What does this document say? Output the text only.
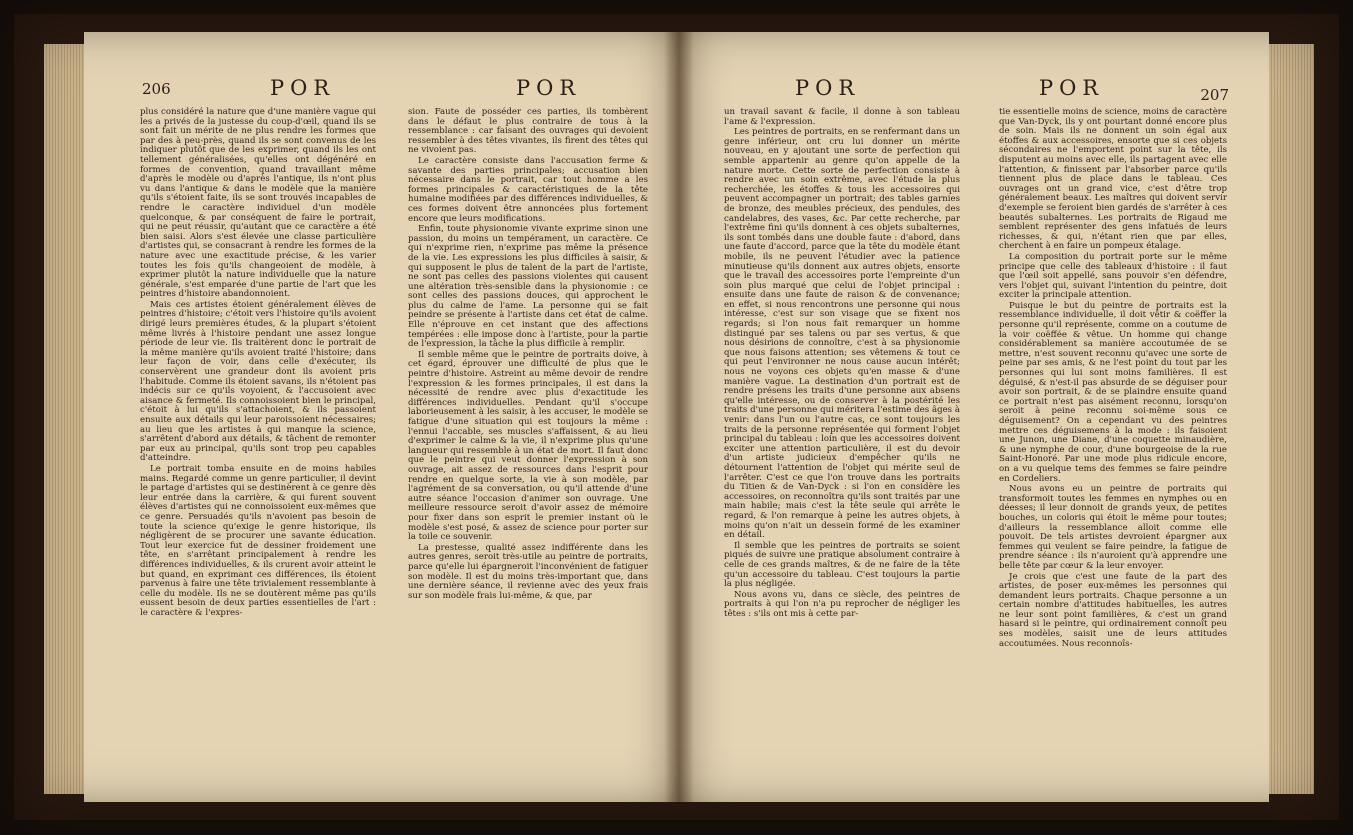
206	POR	POR

plus considéré la nature que d'une manière vague qui les a privés de la justesse du coup-d'œil, quand ils se sont fait un mérite de ne plus rendre les formes que par des à peu-près, quand ils se sont convenus de les indiquer plutôt que de les exprimer, quand ils les ont tellement généralisées, qu'elles ont dégénéré en formes de convention, quand travaillant même d'après le modèle ou d'après l'antique, ils n'ont plus vu dans l'antique & dans le modèle que la manière qu'ils s'étoient faite, ils se sont trouvés incapables de rendre le caractère individuel d'un modèle quelconque, & par conséquent de faire le portrait, qui ne peut réussir, qu'autant que ce caractère a été bien saisi. Alors s'est élevée une classe particulière d'artistes qui, se consacrant à rendre les formes de la nature avec une exactitude précise, & les varier toutes les fois qu'ils changeoient de modèle, à exprimer plutôt la nature individuelle que la nature générale, s'est emparée d'une partie de l'art que les peintres d'histoire abandonnoient.

Mais ces artistes étoient généralement élèves de peintres d'histoire; c'étoit vers l'histoire qu'ils avoient dirigé leurs premières études, & la plupart s'étoient même livrés à l'histoire pendant une assez longue période de leur vie. Ils traitèrent donc le portrait de la même manière qu'ils avoient traité l'histoire; dans leur façon de voir, dans celle d'exécuter, ils conservèrent une grandeur dont ils avoient pris l'habitude. Comme ils étoient savans, ils n'étoient pas indécis sur ce qu'ils voyoient, & l'accusoient avec aisance & fermeté. Ils connoissoient bien le principal, c'étoit à lui qu'ils s'attachoient, & ils passoient ensuite aux détails qui leur paroissoient nécessaires; au lieu que les artistes à qui manque la science, s'arrêtent d'abord aux détails, & tâchent de remonter par eux au principal, qu'ils sont trop peu capables d'atteindre.

Le portrait tomba ensuite en de moins habiles mains. Regardé comme un genre particulier, il devint le partage d'artistes qui se destinèrent à ce genre dès leur entrée dans la carrière, & qui furent souvent élèves d'artistes qui ne connoissoient eux-mêmes que ce genre. Persuadés qu'ils n'avoient pas besoin de toute la science qu'exige le genre historique, ils négligèrent de se procurer une savante éducation. Tout leur exercice fut de dessiner froidement une tête, en s'arrêtant principalement à rendre les différences individuelles, & ils crurent avoir atteint le but quand, en exprimant ces différences, ils étoient parvenus à faire une tête trivialement ressemblante à celle du modèle. Ils ne se doutèrent même pas qu'ils eussent besoin de deux parties essentielles de l'art : le caractère & l'expres-

sion. Faute de posséder ces parties, ils tombèrent dans le défaut le plus contraire de tous à la ressemblance : car faisant des ouvrages qui devoient ressembler à des têtes vivantes, ils firent des têtes qui ne vivoient pas.

Le caractère consiste dans l'accusation ferme & savante des parties principales; accusation bien nécessaire dans le portrait, car tout homme a les formes principales & caractéristiques de la tête humaine modifiées par des différences individuelles, & ces formes doivent être annoncées plus fortement encore que leurs modifications.

Enfin, toute physionomie vivante exprime sinon une passion, du moins un tempérament, un caractère. Ce qui n'exprime rien, n'exprime pas même la présence de la vie. Les expressions les plus difficiles à saisir, & qui supposent le plus de talent de la part de l'artiste, ne sont pas celles des passions violentes qui causent une altération très-sensible dans la physionomie : ce sont celles des passions douces, qui approchent le plus du calme de l'ame. La personne qui se fait peindre se présente à l'artiste dans cet état de calme. Elle n'éprouve en cet instant que des affections tempérées : elle impose donc à l'artiste, pour la partie de l'expression, la tâche la plus difficile à remplir.

Il semble même que le peintre de portraits doive, à cet égard, éprouver une difficulté de plus que le peintre d'histoire. Astreint au même devoir de rendre l'expression & les formes principales, il est dans la nécessité de rendre avec plus d'exactitude les différences individuelles. Pendant qu'il s'occupe laborieusement à les saisir, à les accuser, le modèle se fatigue d'une situation qui est toujours la même : l'ennui l'accable, ses muscles s'affaissent, & au lieu d'exprimer le calme & la vie, il n'exprime plus qu'une langueur qui ressemble à un état de mort. Il faut donc que le peintre qui veut donner l'expression à son ouvrage, ait assez de ressources dans l'esprit pour rendre en quelque sorte, la vie à son modèle, par l'agrément de sa conversation, ou qu'il attende d'une autre séance l'occasion d'animer son ouvrage. Une meilleure ressource seroit d'avoir assez de mémoire pour fixer dans son esprit le premier instant où le modèle s'est posé, & assez de science pour porter sur la toile ce souvenir.

La prestesse, qualité assez indifférente dans les autres genres, seroit très-utile au peintre de portraits, parce qu'elle lui épargneroit l'inconvénient de fatiguer son modèle. Il est du moins très-important que, dans une dernière séance, il revienne avec des yeux frais sur son modèle frais lui-même, & que, par

POR	POR	207

un travail savant & facile, il donne à son tableau l'ame & l'expression.

Les peintres de portraits, en se renfermant dans un genre inférieur, ont cru lui donner un mérite nouveau, en y ajoutant une sorte de perfection qui semble appartenir au genre qu'on appelle de la nature morte. Cette sorte de perfection consiste à rendre avec un soin extrême, avec l'étude la plus recherchée, les étoffes & tous les accessoires qui peuvent accompagner un portrait; des tables garnies de bronze, des meubles précieux, des pendules, des candelabres, des vases, &c. Par cette recherche, par l'extrême fini qu'ils donnent à ces objets subalternes, ils sont tombés dans une double faute : d'abord, dans une faute d'accord, parce que la tête du modèle étant mobile, ils ne peuvent l'étudier avec la patience minutieuse qu'ils donnent aux autres objets, ensorte que le travail des accessoires porte l'empreinte d'un soin plus marqué que celui de l'objet principal : ensuite dans une faute de raison & de convenance; en effet, si nous rencontrons une personne qui nous intéresse, c'est sur son visage que se fixent nos regards; si l'on nous fait remarquer un homme distingué par ses talens ou par ses vertus, & que nous désirions de connoître, c'est à sa physionomie que nous faisons attention; ses vêtemens & tout ce qui peut l'environner ne nous cause aucun intérêt; nous ne voyons ces objets qu'en masse & d'une manière vague. La destination d'un portrait est de rendre présens les traits d'une personne aux absens qu'elle intéresse, ou de conserver à la postérité les traits d'une personne qui méritera l'estime des âges à venir: dans l'un ou l'autre cas, ce sont toujours les traits de la personne représentée qui forment l'objet principal du tableau : loin que les accessoires doivent exciter une attention particulière, il est du devoir d'un artiste judicieux d'empêcher qu'ils ne détournent l'attention de l'objet qui mérite seul de l'arrêter. C'est ce que l'on trouve dans les portraits du Titien & de Van-Dyck : si l'on en considère les accessoires, on reconnoîtra qu'ils sont traités par une main habile; mais c'est la tête seule qui arrête le regard, & l'on remarque à peine les autres objets, à moins qu'on n'ait un dessein formé de les examiner en détail.

Il semble que les peintres de portraits se soient piqués de suivre une pratique absolument contraire à celle de ces grands maîtres, & de ne faire de la tête qu'un accessoire du tableau. C'est toujours la partie la plus négligée.

Nous avons vu, dans ce siècle, des peintres de portraits à qui l'on n'a pu reprocher de négliger les têtes : s'ils ont mis à cette par-

tie essentielle moins de science, moins de caractère que Van-Dyck, ils y ont pourtant donné encore plus de soin. Mais ils ne donnent un soin égal aux étoffes & aux accessoires, ensorte que si ces objets sécondaires ne l'emportent point sur la tête, ils disputent au moins avec elle, ils partagent avec elle l'attention, & finissent par l'absorber parce qu'ils tiennent plus de place dans le tableau. Ces ouvrages ont un grand vice, c'est d'être trop généralement beaux. Les maîtres qui doivent servir d'exemple se feroient bien gardés de s'arrêter à ces beautés subalternes. Les portraits de Rigaud me semblent représenter des gens infatués de leurs richesses, & qui, n'étant rien que par elles, cherchent à en faire un pompeux étalage.

La composition du portrait porte sur le même principe que celle des tableaux d'histoire : il faut que l'œil soit appellé, sans pouvoir s'en défendre, vers l'objet qui, suivant l'intention du peintre, doit exciter la principale attention.

Puisque le but du peintre de portraits est la ressemblance individuelle, il doit vêtir & coëffer la personne qu'il représente, comme on a coutume de la voir coëffée & vêtue. Un homme qui change considérablement sa manière accoutumée de se mettre, n'est souvent reconnu qu'avec une sorte de peine par ses amis, & ne l'est point du tout par les personnes qui lui sont moins familières. Il est déguisé, & n'est-il pas absurde de se déguiser pour avoir son portrait, & de se plaindre ensuite quand ce portrait n'est pas aisément reconnu, lorsqu'on seroit à peine reconnu soi-même sous ce déguisement? On a cependant vu des peintres mettre ces déguisemens à la mode : ils faisoient une Junon, une Diane, d'une coquette minaudière, & une nymphe de cour, d'une bourgeoise de la rue Saint-Honoré. Par une mode plus ridicule encore, on a vu quelque tems des femmes se faire peindre en Cordeliers.

Nous avons eu un peintre de portraits qui transformoit toutes les femmes en nymphes ou en déesses; il leur donnoit de grands yeux, de petites bouches, un coloris qui étoit le même pour toutes; d'ailleurs la ressemblance alloit comme elle pouvoit. De tels artistes devroient épargner aux femmes qui veulent se faire peindre, la fatigue de prendre séance : ils n'auroient qu'à apprendre une belle tête par cœur & la leur envoyer.

Je crois que c'est une faute de la part des artistes, de poser eux-mêmes les personnes qui demandent leurs portraits. Chaque personne a un certain nombre d'attitudes habituelles, les autres ne leur sont point familières, & c'est un grand hasard si le peintre, qui ordinairement connoît peu ses modèles, saisit une de leurs attitudes accoutumées. Nous reconnoîs-
